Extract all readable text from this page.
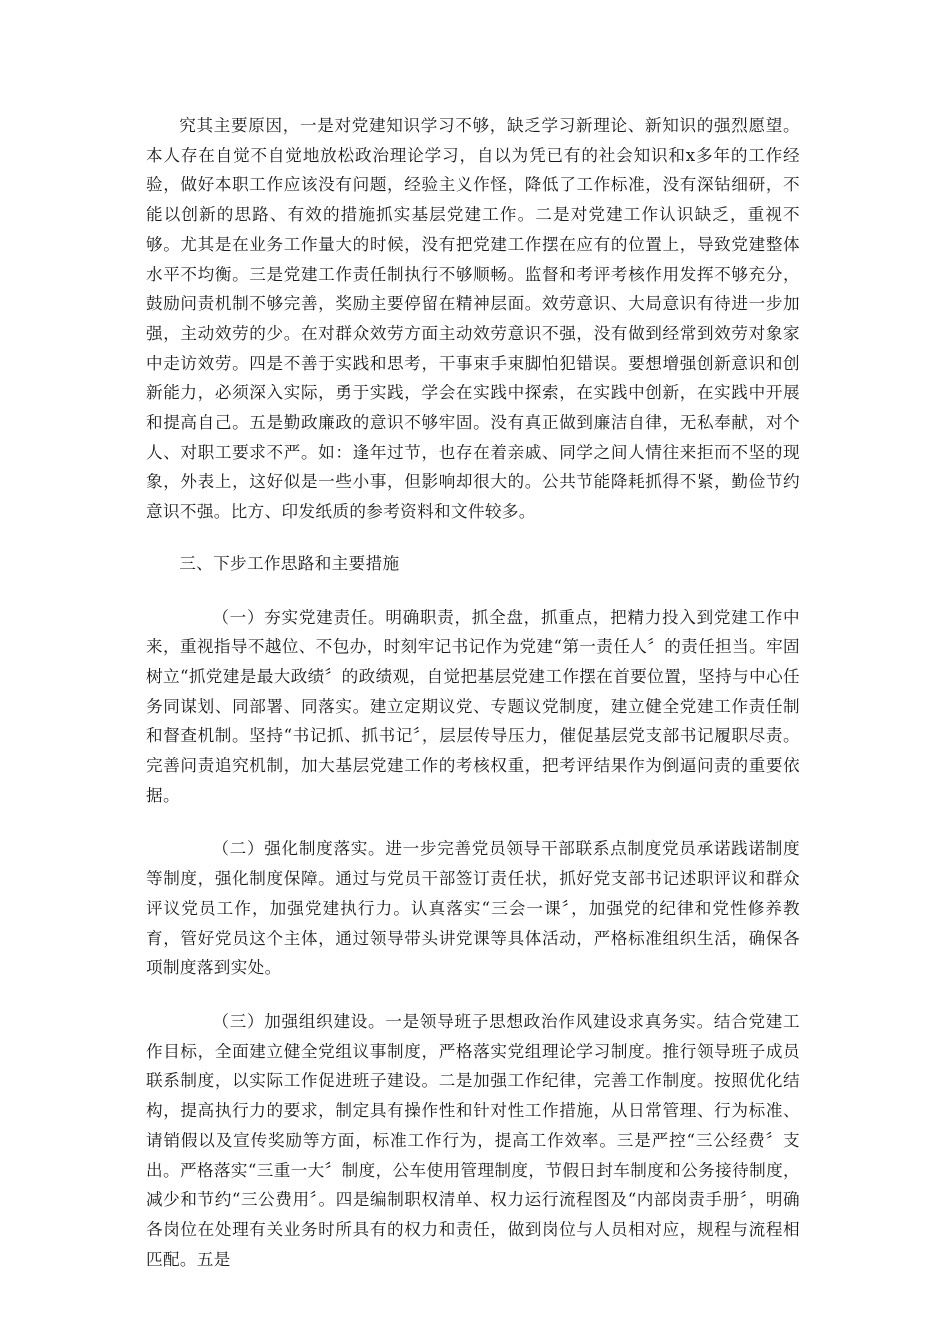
究其主要原因，一是对党建知识学习不够，缺乏学习新理论、新知识的强烈愿望。本人存在自觉不自觉地放松政治理论学习，自以为凭已有的社会知识和x多年的工作经验，做好本职工作应该没有问题，经验主义作怪，降低了工作标准，没有深钻细研，不能以创新的思路、有效的措施抓实基层党建工作。二是对党建工作认识缺乏，重视不够。尤其是在业务工作量大的时候，没有把党建工作摆在应有的位置上，导致党建整体水平不均衡。三是党建工作责任制执行不够顺畅。监督和考评考核作用发挥不够充分，鼓励问责机制不够完善，奖励主要停留在精神层面。效劳意识、大局意识有待进一步加强，主动效劳的少。在对群众效劳方面主动效劳意识不强，没有做到经常到效劳对象家中走访效劳。四是不善于实践和思考，干事束手束脚怕犯错误。要想增强创新意识和创新能力，必须深入实际，勇于实践，学会在实践中探索，在实践中创新，在实践中开展和提高自己。五是勤政廉政的意识不够牢固。没有真正做到廉洁自律，无私奉献，对个人、对职工要求不严。如：逢年过节，也存在着亲戚、同学之间人情往来拒而不坚的现象，外表上，这好似是一些小事，但影响却很大的。公共节能降耗抓得不紧，勤俭节约意识不强。比方、印发纸质的参考资料和文件较多。

三、下步工作思路和主要措施

（一）夯实党建责任。明确职责，抓全盘，抓重点，把精力投入到党建工作中来，重视指导不越位、不包办，时刻牢记书记作为党建“第一责任人〞的责任担当。牢固树立“抓党建是最大政绩〞的政绩观，自觉把基层党建工作摆在首要位置，坚持与中心任务同谋划、同部署、同落实。建立定期议党、专题议党制度，建立健全党建工作责任制和督查机制。坚持“书记抓、抓书记〞，层层传导压力，催促基层党支部书记履职尽责。完善问责追究机制，加大基层党建工作的考核权重，把考评结果作为倒逼问责的重要依据。

（二）强化制度落实。进一步完善党员领导干部联系点制度党员承诺践诺制度等制度，强化制度保障。通过与党员干部签订责任状，抓好党支部书记述职评议和群众评议党员工作，加强党建执行力。认真落实“三会一课〞，加强党的纪律和党性修养教育，管好党员这个主体，通过领导带头讲党课等具体活动，严格标准组织生活，确保各项制度落到实处。

（三）加强组织建设。一是领导班子思想政治作风建设求真务实。结合党建工作目标，全面建立健全党组议事制度，严格落实党组理论学习制度。推行领导班子成员联系制度，以实际工作促进班子建设。二是加强工作纪律，完善工作制度。按照优化结构，提高执行力的要求，制定具有操作性和针对性工作措施，从日常管理、行为标准、请销假以及宣传奖励等方面，标准工作行为，提高工作效率。三是严控“三公经费〞支出。严格落实“三重一大〞制度，公车使用管理制度，节假日封车制度和公务接待制度，减少和节约“三公费用〞。四是编制职权清单、权力运行流程图及“内部岗责手册〞，明确各岗位在处理有关业务时所具有的权力和责任，做到岗位与人员相对应，规程与流程相匹配。五是
